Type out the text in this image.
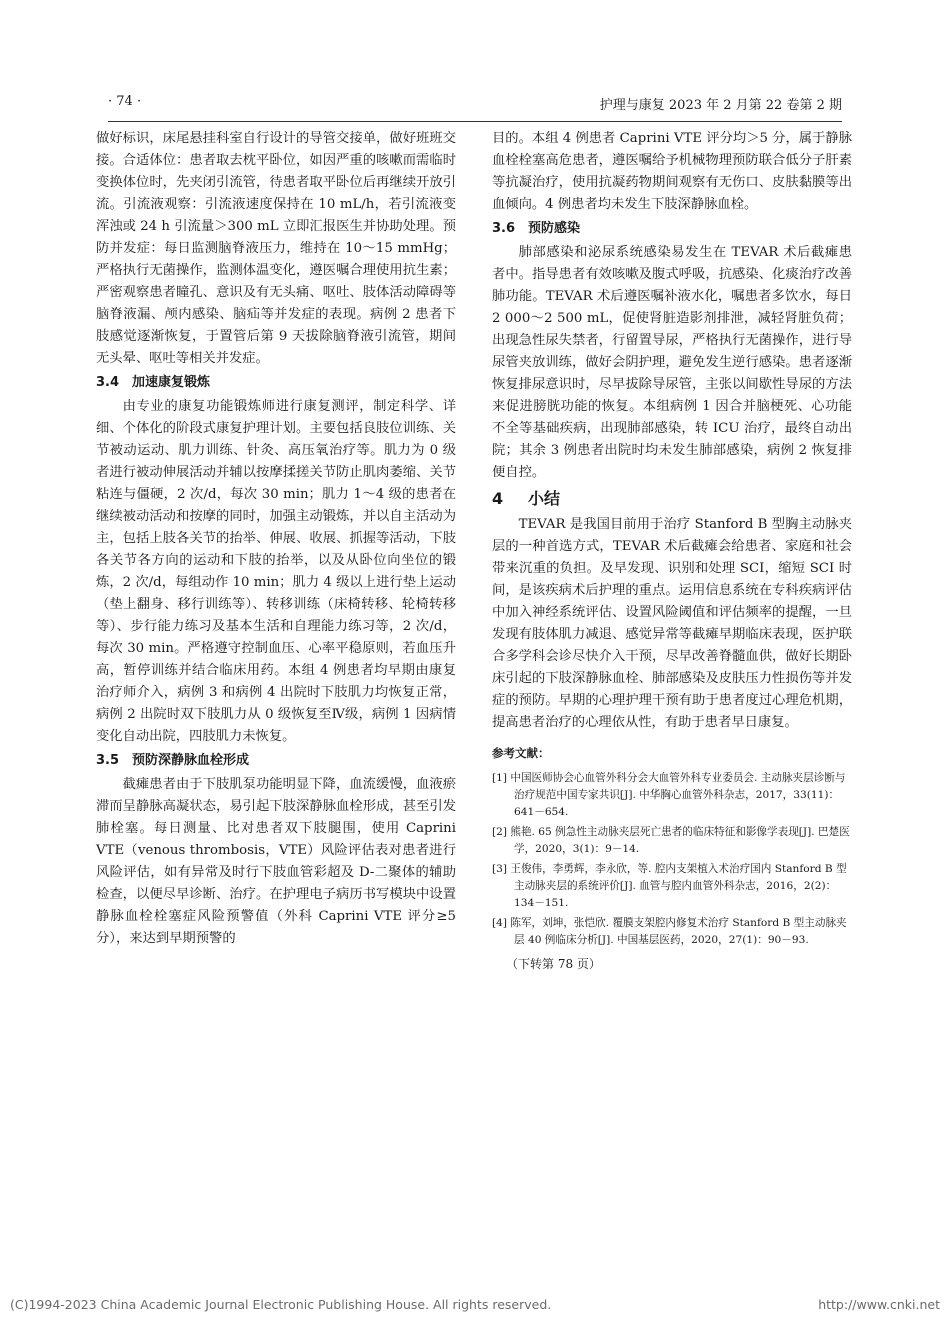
· 74 ·	护理与康复 2023 年 2 月第 22 卷第 2 期

做好标识，床尾悬挂科室自行设计的导管交接单，做好班班交接。合适体位：患者取去枕平卧位，如因严重的咳嗽而需临时变换体位时，先夹闭引流管，待患者取平卧位后再继续开放引流。引流液观察：引流液速度保持在 10 mL/h，若引流液变浑浊或 24 h 引流量＞300 mL 立即汇报医生并协助处理。预防并发症：每日监测脑脊液压力，维持在 10～15 mmHg；严格执行无菌操作，监测体温变化，遵医嘱合理使用抗生素；严密观察患者瞳孔、意识及有无头痛、呕吐、肢体活动障碍等脑脊液漏、颅内感染、脑疝等并发症的表现。病例 2 患者下肢感觉逐渐恢复，于置管后第 9 天拔除脑脊液引流管，期间无头晕、呕吐等相关并发症。

3.4 加速康复锻炼

由专业的康复功能锻炼师进行康复测评，制定科学、详细、个体化的阶段式康复护理计划。主要包括良肢位训练、关节被动运动、肌力训练、针灸、高压氧治疗等。肌力为 0 级者进行被动伸展活动并辅以按摩揉搓关节防止肌肉萎缩、关节粘连与僵硬，2 次/d，每次 30 min；肌力 1～4 级的患者在继续被动活动和按摩的同时，加强主动锻炼，并以自主活动为主，包括上肢各关节的抬举、伸展、收展、抓握等活动，下肢各关节各方向的运动和下肢的抬举，以及从卧位向坐位的锻炼，2 次/d，每组动作 10 min；肌力 4 级以上进行垫上运动（垫上翻身、移行训练等）、转移训练（床椅转移、轮椅转移等）、步行能力练习及基本生活和自理能力练习等，2 次/d，每次 30 min。严格遵守控制血压、心率平稳原则，若血压升高，暂停训练并结合临床用药。本组 4 例患者均早期由康复治疗师介入，病例 3 和病例 4 出院时下肢肌力均恢复正常，病例 2 出院时双下肢肌力从 0 级恢复至Ⅳ级，病例 1 因病情变化自动出院，四肢肌力未恢复。

3.5 预防深静脉血栓形成

截瘫患者由于下肢肌泵功能明显下降，血流缓慢，血液瘀滞而呈静脉高凝状态，易引起下肢深静脉血栓形成，甚至引发肺栓塞。每日测量、比对患者双下肢腿围，使用 Caprini VTE（venous thrombosis，VTE）风险评估表对患者进行风险评估，如有异常及时行下肢血管彩超及 D-二聚体的辅助检查，以便尽早诊断、治疗。在护理电子病历书写模块中设置静脉血栓栓塞症风险预警值（外科 Caprini VTE 评分≥5 分），来达到早期预警的

目的。本组 4 例患者 Caprini VTE 评分均＞5 分，属于静脉血栓栓塞高危患者，遵医嘱给予机械物理预防联合低分子肝素等抗凝治疗，使用抗凝药物期间观察有无伤口、皮肤黏膜等出血倾向。4 例患者均未发生下肢深静脉血栓。

3.6 预防感染

肺部感染和泌尿系统感染易发生在 TEVAR 术后截瘫患者中。指导患者有效咳嗽及腹式呼吸，抗感染、化痰治疗改善肺功能。TEVAR 术后遵医嘱补液水化，嘱患者多饮水，每日 2 000～2 500 mL，促使肾脏造影剂排泄，减轻肾脏负荷；出现急性尿失禁者，行留置导尿，严格执行无菌操作，进行导尿管夹放训练，做好会阴护理，避免发生逆行感染。患者逐渐恢复排尿意识时，尽早拔除导尿管，主张以间歇性导尿的方法来促进膀胱功能的恢复。本组病例 1 因合并脑梗死、心功能不全等基础疾病，出现肺部感染，转 ICU 治疗，最终自动出院；其余 3 例患者出院时均未发生肺部感染，病例 2 恢复排便自控。

4 小结

TEVAR 是我国目前用于治疗 Stanford B 型胸主动脉夹层的一种首选方式，TEVAR 术后截瘫会给患者、家庭和社会带来沉重的负担。及早发现、识别和处理 SCI，缩短 SCI 时间，是该疾病术后护理的重点。运用信息系统在专科疾病评估中加入神经系统评估、设置风险阈值和评估频率的提醒，一旦发现有肢体肌力减退、感觉异常等截瘫早期临床表现，医护联合多学科会诊尽快介入干预，尽早改善脊髓血供，做好长期卧床引起的下肢深静脉血栓、肺部感染及皮肤压力性损伤等并发症的预防。早期的心理护理干预有助于患者度过心理危机期，提高患者治疗的心理依从性，有助于患者早日康复。

参考文献：
[1] 中国医师协会心血管外科分会大血管外科专业委员会. 主动脉夹层诊断与治疗规范中国专家共识[J]. 中华胸心血管外科杂志，2017，33(11)：641－654.
[2] 熊艳. 65 例急性主动脉夹层死亡患者的临床特征和影像学表现[J]. 巴楚医学，2020，3(1)：9－14.
[3] 王俊伟，李勇辉，李永欣，等. 腔内支架植入术治疗国内 Stanford B 型主动脉夹层的系统评价[J]. 血管与腔内血管外科杂志，2016，2(2)：134－151.
[4] 陈军，刘坤，张恺欣. 覆膜支架腔内修复术治疗 Stanford B 型主动脉夹层 40 例临床分析[J]. 中国基层医药，2020，27(1)：90－93.
（下转第 78 页）
(C)1994-2023 China Academic Journal Electronic Publishing House. All rights reserved.	http://www.cnki.net
